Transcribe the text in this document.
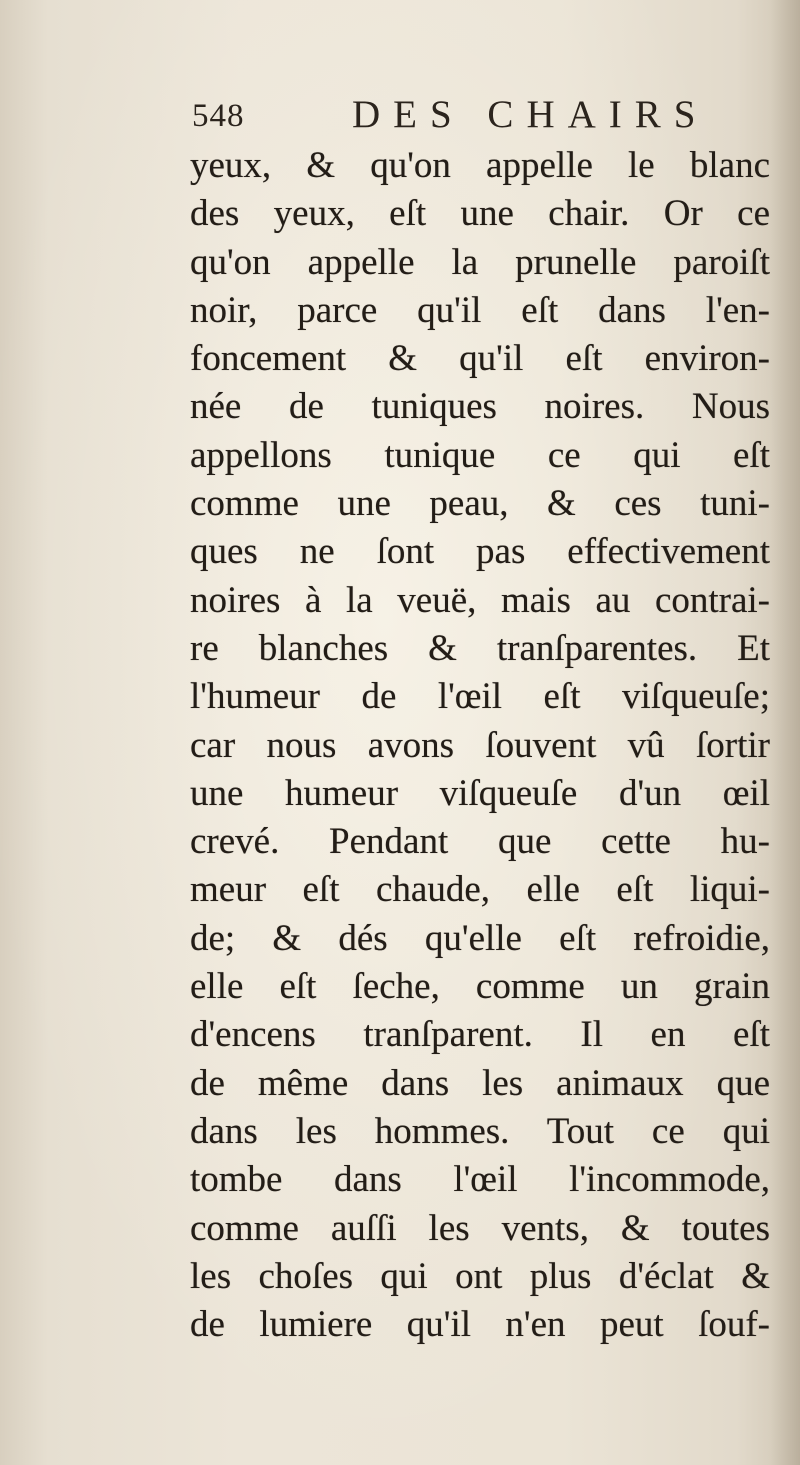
548	DES CHAIRS
yeux, & qu'on appelle le blanc
des yeux, eſt une chair. Or ce
qu'on appelle la prunelle paroiſt
noir, parce qu'il eſt dans l'en-
foncement & qu'il eſt environ-
née de tuniques noires. Nous
appellons tunique ce qui eſt
comme une peau, & ces tuni-
ques ne ſont pas effectivement
noires à la veuë, mais au contrai-
re blanches & tranſparentes. Et
l'humeur de l'œil eſt viſqueuſe;
car nous avons ſouvent vû ſortir
une humeur viſqueuſe d'un œil
crevé. Pendant que cette hu-
meur eſt chaude, elle eſt liqui-
de; & dés qu'elle eſt refroidie,
elle eſt ſeche, comme un grain
d'encens tranſparent. Il en eſt
de même dans les animaux que
dans les hommes. Tout ce qui
tombe dans l'œil l'incommode,
comme auſſi les vents, & toutes
les choſes qui ont plus d'éclat &
de lumiere qu'il n'en peut ſouf-
